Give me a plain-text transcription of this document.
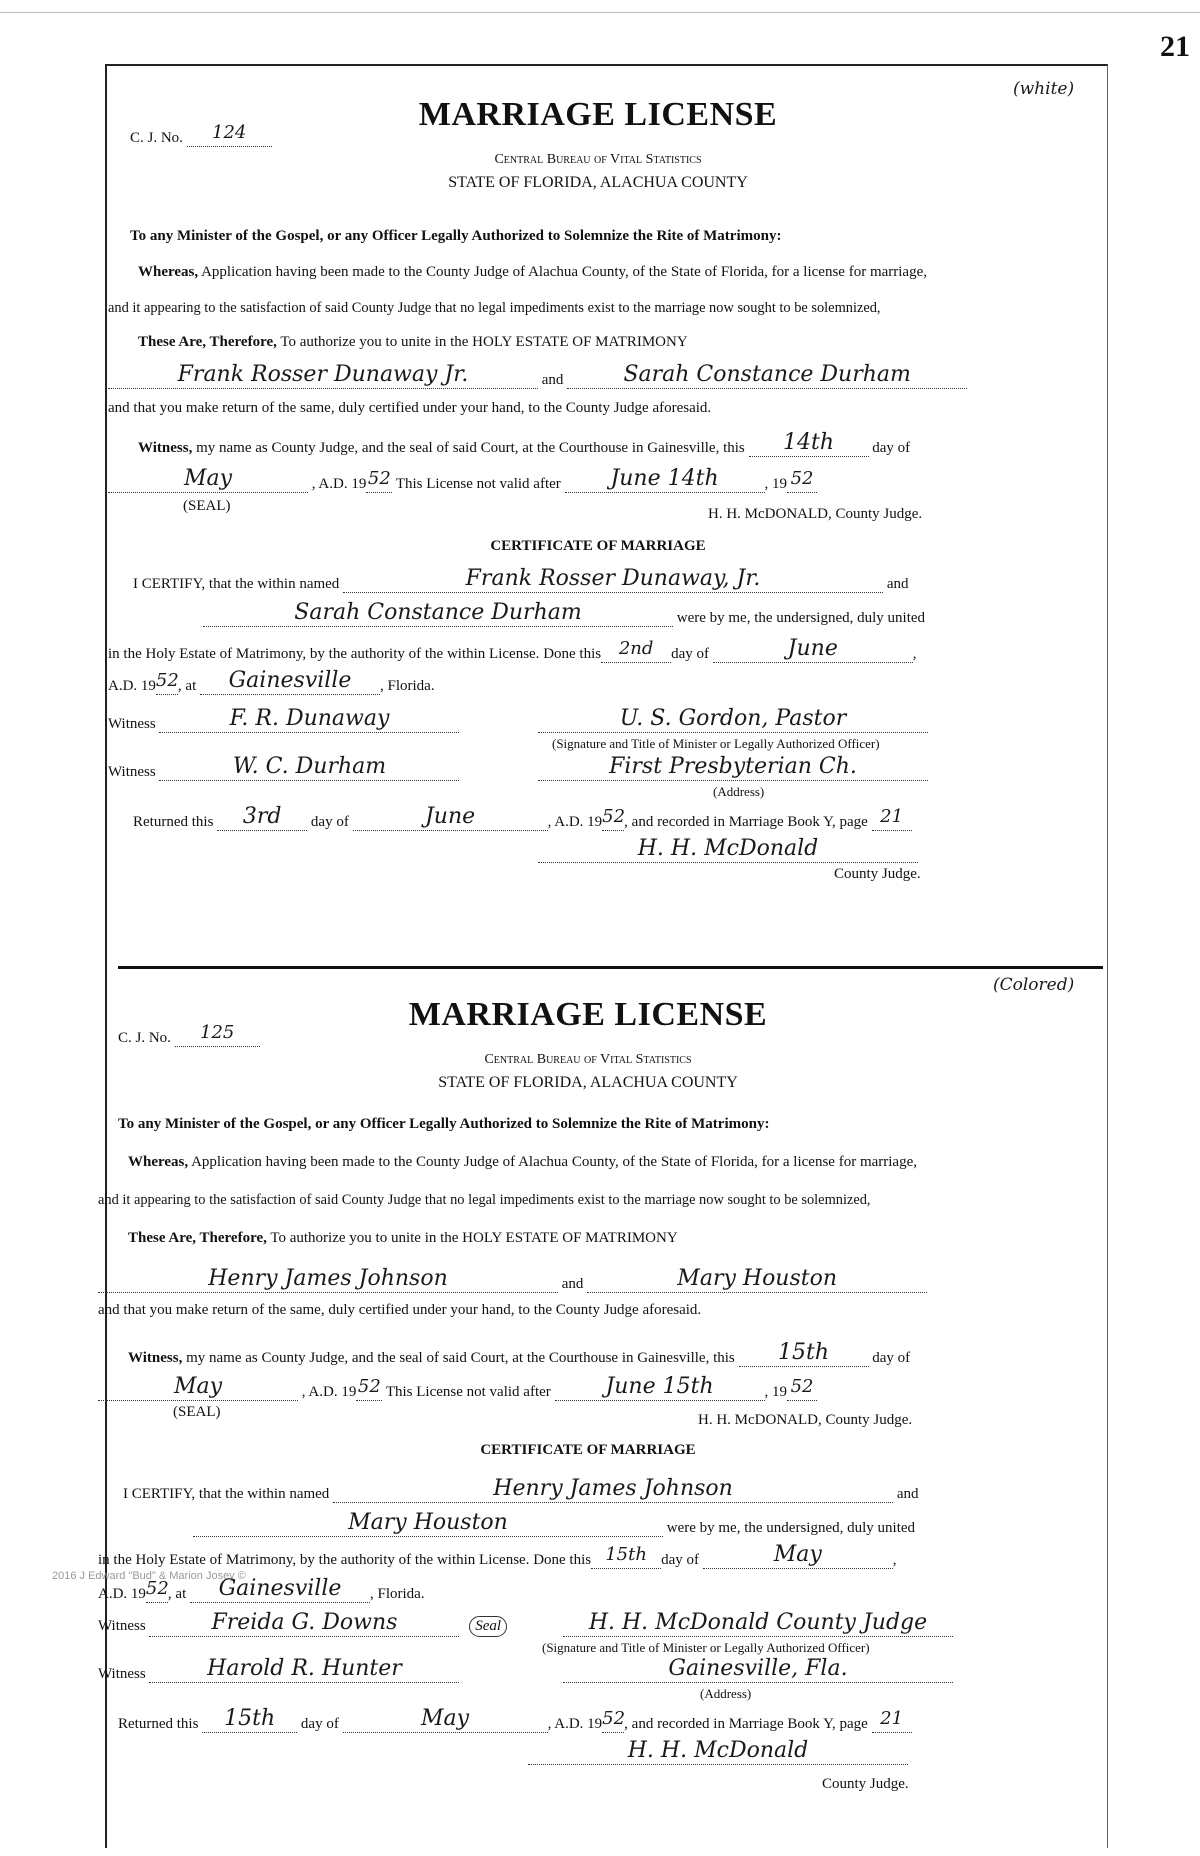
21
2016 J Edward "Bud" & Marion Josey ©
(white)
C. J. No. 124	MARRIAGE LICENSE
Central Bureau of Vital Statistics
STATE OF FLORIDA, ALACHUA COUNTY
To any Minister of the Gospel, or any Officer Legally Authorized to Solemnize the Rite of Matrimony:
Whereas, Application having been made to the County Judge of Alachua County, of the State of Florida, for a license for marriage,
and it appearing to the satisfaction of said County Judge that no legal impediments exist to the marriage now sought to be solemnized,
These Are, Therefore, To authorize you to unite in the HOLY ESTATE OF MATRIMONY
Frank Rosser Dunaway Jr.	and	Sarah Constance Durham
and that you make return of the same, duly certified under your hand, to the County Judge aforesaid.
Witness, my name as County Judge, and the seal of said Court, at the Courthouse in Gainesville, this 14th	day of
May	, A.D. 1952 This License not valid after June 14th	, 19 52
(SEAL)	H. H. McDONALD, County Judge.
CERTIFICATE OF MARRIAGE
I CERTIFY, that the within named	Frank Rosser Dunaway, Jr.	and
Sarah Constance Durham	were by me, the undersigned, duly united
in the Holy Estate of Matrimony, by the authority of the within License. Done this 2nd day of	June	,
A.D. 1952, at Gainesville , Florida.
Witness	F. R. Dunaway	U. S. Gordon, Pastor
(Signature and Title of Minister or Legally Authorized Officer)
Witness	W. C. Durham	First Presbyterian Ch.
(Address)
Returned this 3rd day of	June	, A.D. 1952, and recorded in Marriage Book Y, page 21
H. H. McDonald
County Judge.
(Colored)
C. J. No. 125	MARRIAGE LICENSE
Central Bureau of Vital Statistics
STATE OF FLORIDA, ALACHUA COUNTY
To any Minister of the Gospel, or any Officer Legally Authorized to Solemnize the Rite of Matrimony:
Whereas, Application having been made to the County Judge of Alachua County, of the State of Florida, for a license for marriage,
and it appearing to the satisfaction of said County Judge that no legal impediments exist to the marriage now sought to be solemnized,
These Are, Therefore, To authorize you to unite in the HOLY ESTATE OF MATRIMONY
Henry James Johnson	and	Mary Houston
and that you make return of the same, duly certified under your hand, to the County Judge aforesaid.
Witness, my name as County Judge, and the seal of said Court, at the Courthouse in Gainesville, this 15th	day of
May	, A.D. 1952 This License not valid after June 15th	, 19 52
(SEAL)	H. H. McDONALD, County Judge.
CERTIFICATE OF MARRIAGE
I CERTIFY, that the within named	Henry James Johnson	and
Mary Houston	were by me, the undersigned, duly united
in the Holy Estate of Matrimony, by the authority of the within License. Done this 15th day of	May	,
A.D. 1952, at Gainesville , Florida.
Witness	Freida G. Downs	Seal	H. H. McDonald County Judge
(Signature and Title of Minister or Legally Authorized Officer)
Witness	Harold R. Hunter	Gainesville, Fla.
(Address)
Returned this 15th day of	May	, A.D. 1952, and recorded in Marriage Book Y, page 21
H. H. McDonald
County Judge.
